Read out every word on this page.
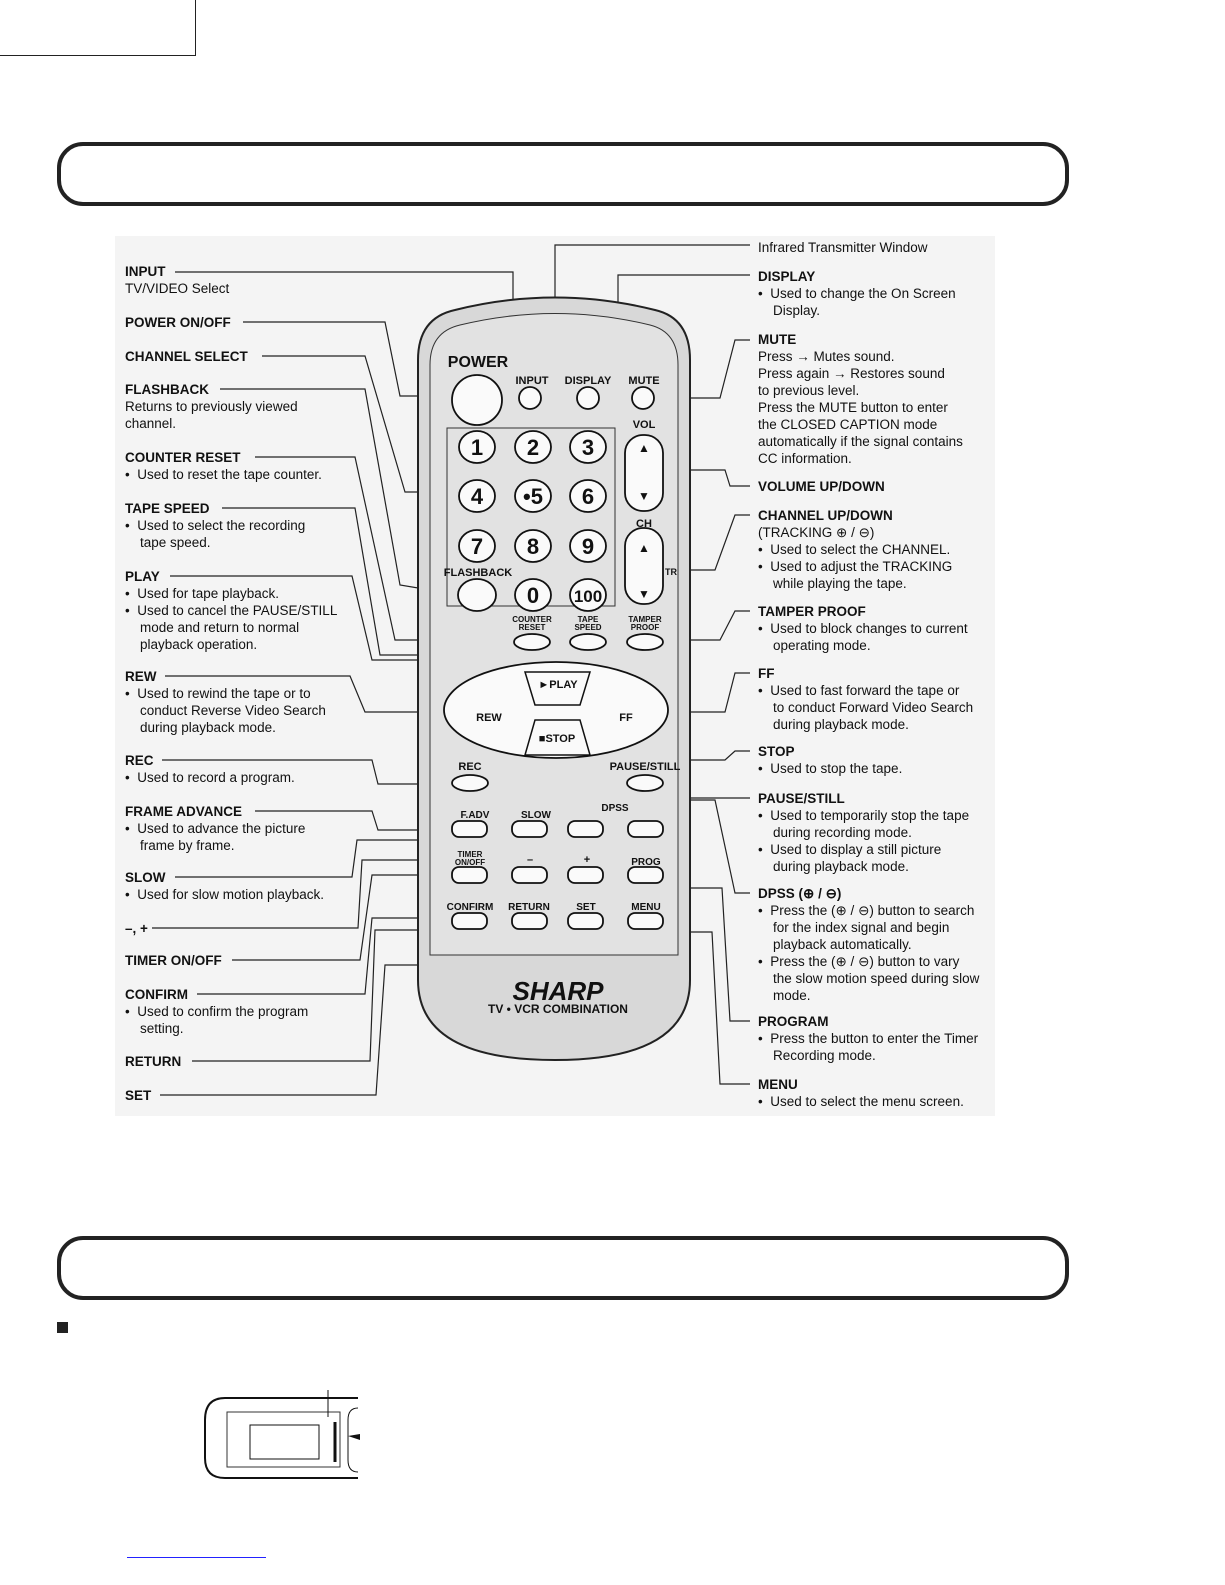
POWER
INPUT DISPLAY MUTE
VOL
CH
TR
▲
▼
▲
▼
1 2 3
4 •5 6
7 8 9
0 100
FLASHBACK
COUNTER
RESET
TAPE
SPEED
TAMPER
PROOF
►PLAY
■STOP
REW	FF
REC	PAUSE/STILL
F.ADV	SLOW
DPSS
TIMER
ON/OFF	–	+	PROG
CONFIRM RETURN	SET	MENU
SHARP
TV • VCR COMBINATION
INPUT
TV/VIDEO Select
POWER ON/OFF
CHANNEL SELECT
FLASHBACK
Returns to previously viewed
channel.
COUNTER RESET
•  Used to reset the tape counter.
TAPE SPEED
•  Used to select the recording
tape speed.
PLAY
•  Used for tape playback.
•  Used to cancel the PAUSE/STILL
mode and return to normal
playback operation.
REW
•  Used to rewind the tape or to
conduct Reverse Video Search
during playback mode.
REC
•  Used to record a program.
FRAME ADVANCE
•  Used to advance the picture
frame by frame.
SLOW
•  Used for slow motion playback.
–, +
TIMER ON/OFF
CONFIRM
•  Used to confirm the program
setting.
RETURN
SET
Infrared Transmitter Window
DISPLAY
•  Used to change the On Screen
Display.
MUTE
Press → Mutes sound.
Press again → Restores sound
to previous level.
Press the MUTE button to enter
the CLOSED CAPTION mode
automatically if the signal contains
CC information.
VOLUME UP/DOWN
CHANNEL UP/DOWN
(TRACKING ⊕ / ⊖)
•  Used to select the CHANNEL.
•  Used to adjust the TRACKING
while playing the tape.
TAMPER PROOF
•  Used to block changes to current
operating mode.
FF
•  Used to fast forward the tape or
to conduct Forward Video Search
during playback mode.
STOP
•  Used to stop the tape.
PAUSE/STILL
•  Used to temporarily stop the tape
during recording mode.
•  Used to display a still picture
during playback mode.
DPSS (⊕ / ⊖)
•  Press the (⊕ / ⊖) button to search
for the index signal and begin
playback automatically.
•  Press the (⊕ / ⊖) button to vary
the slow motion speed during slow
mode.
PROGRAM
•  Press the button to enter the Timer
Recording mode.
MENU
•  Used to select the menu screen.
